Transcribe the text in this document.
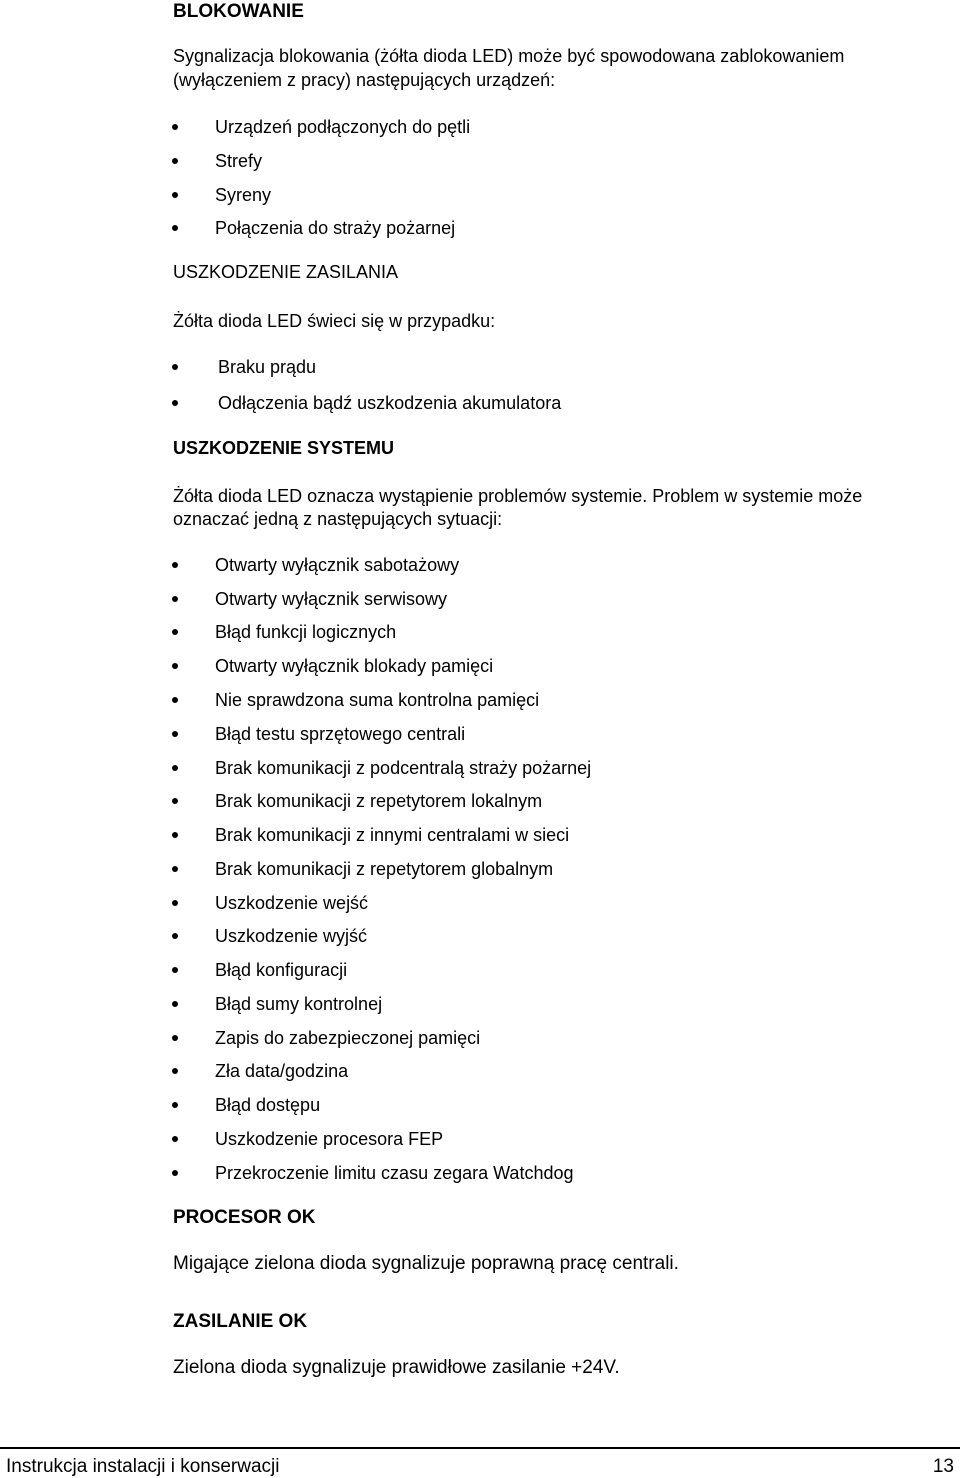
BLOKOWANIE
Sygnalizacja blokowania (żółta dioda LED) może być spowodowana zablokowaniem
(wyłączeniem z pracy) następujących urządzeń:
Urządzeń podłączonych do pętli
Strefy
Syreny
Połączenia do straży pożarnej
USZKODZENIE ZASILANIA
Żółta dioda LED świeci się w przypadku:
Braku prądu
Odłączenia bądź uszkodzenia akumulatora
USZKODZENIE SYSTEMU
Żółta dioda LED oznacza wystąpienie problemów systemie. Problem w systemie może
oznaczać jedną z następujących sytuacji:
Otwarty wyłącznik sabotażowy
Otwarty wyłącznik serwisowy
Błąd funkcji logicznych
Otwarty wyłącznik blokady pamięci
Nie sprawdzona suma kontrolna pamięci
Błąd testu sprzętowego centrali
Brak komunikacji z podcentralą straży pożarnej
Brak komunikacji z repetytorem lokalnym
Brak komunikacji z innymi centralami w sieci
Brak komunikacji z repetytorem globalnym
Uszkodzenie wejść
Uszkodzenie wyjść
Błąd konfiguracji
Błąd sumy kontrolnej
Zapis do zabezpieczonej pamięci
Zła data/godzina
Błąd dostępu
Uszkodzenie procesora FEP
Przekroczenie limitu czasu zegara Watchdog
PROCESOR OK
Migające zielona dioda sygnalizuje poprawną pracę centrali.
ZASILANIE OK
Zielona dioda sygnalizuje prawidłowe zasilanie +24V.
Instrukcja instalacji i konserwacji	13
